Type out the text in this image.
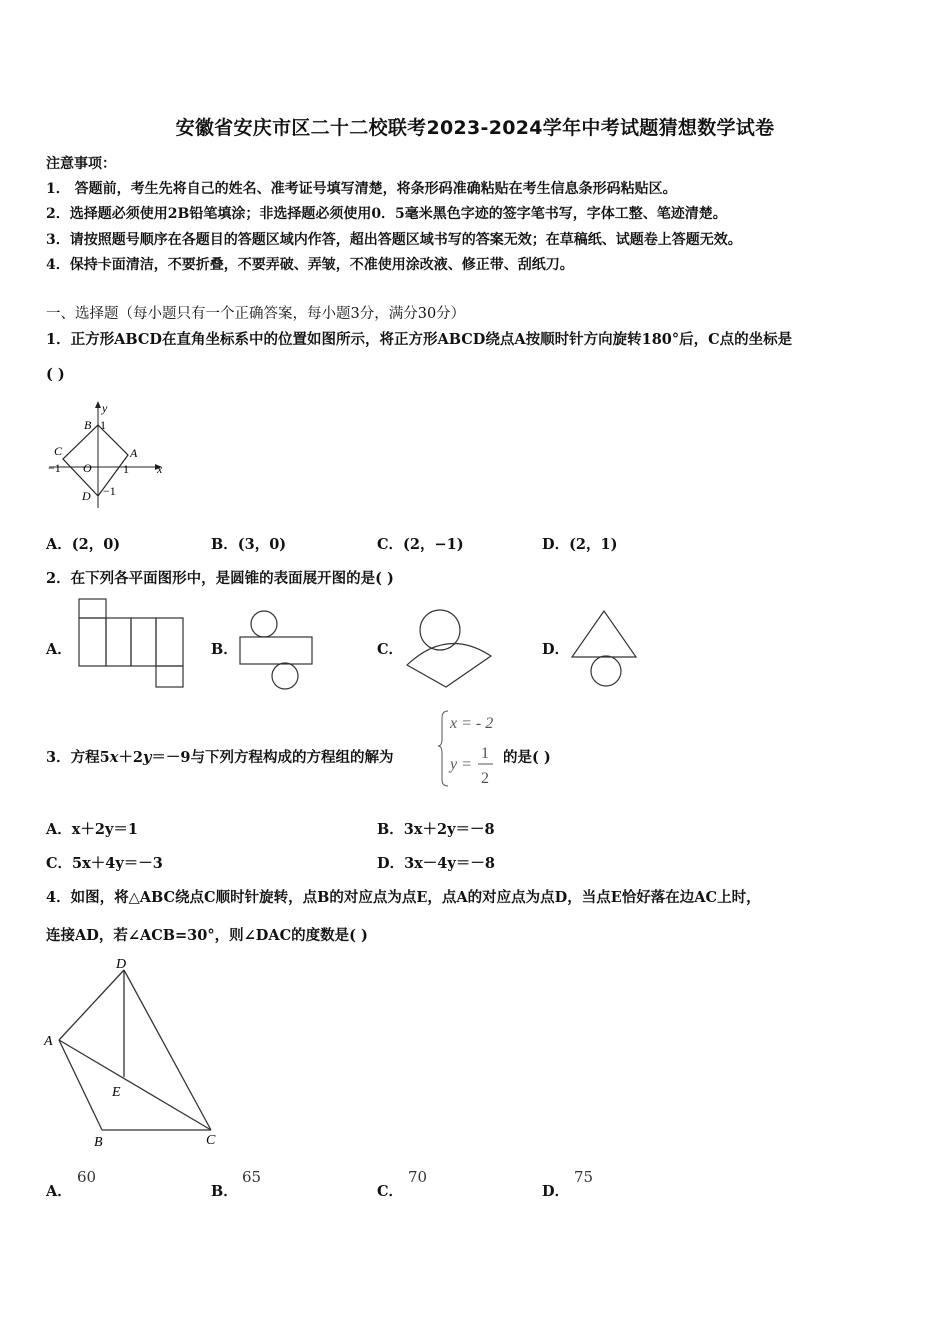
安徽省安庆市区二十二校联考2023-2024学年中考试题猜想数学试卷
注意事项：
1． 答题前，考生先将自己的姓名、准考证号填写清楚，将条形码准确粘贴在考生信息条形码粘贴区。
2．选择题必须使用2B铅笔填涂；非选择题必须使用0．5毫米黑色字迹的签字笔书写，字体工整、笔迹清楚。
3．请按照题号顺序在各题目的答题区域内作答，超出答题区域书写的答案无效；在草稿纸、试题卷上答题无效。
4．保持卡面清洁，不要折叠，不要弄破、弄皱，不准使用涂改液、修正带、刮纸刀。
一、选择题（每小题只有一个正确答案，每小题3分，满分30分）
1．正方形ABCD在直角坐标系中的位置如图所示，将正方形ABCD绕点A按顺时针方向旋转180°后，C点的坐标是
( )
y
x
B 1
C	A
−1 O	1
D −1
A．(2，0)	B．(3，0)	C．(2，−1)	D．(2，1)
2．在下列各平面图形中，是圆锥的表面展开图的是( )
A．	B．	C．	D．
3．方程5x＋2y＝－9与下列方程构成的方程组的解为
x = - 2
y =
1
2
的是( )
A．x＋2y＝1	B．3x＋2y＝－8
C．5x＋4y＝－3	D．3x－4y＝－8
4．如图，将△ABC绕点C顺时针旋转，点B的对应点为点E，点A的对应点为点D，当点E恰好落在边AC上时，
连接AD，若∠ACB=30°，则∠DAC的度数是( )
D
A
E
B	C
A．
60
B．
65
C．
70
D．
75
